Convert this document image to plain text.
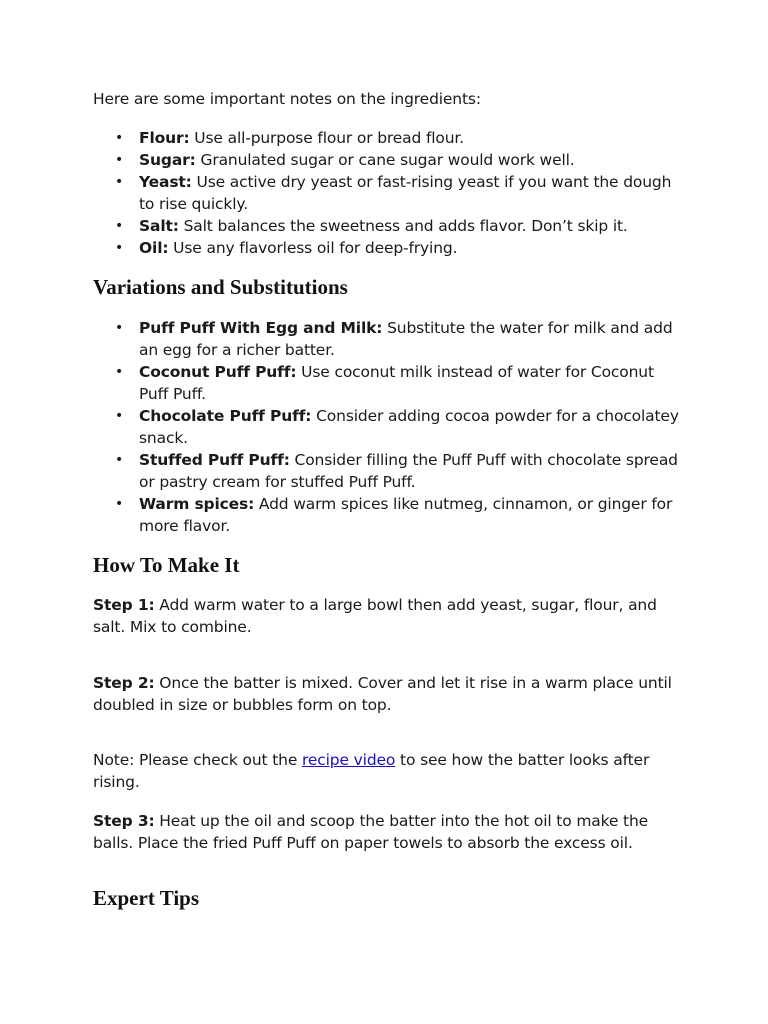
Here are some important notes on the ingredients:

• Flour: Use all-purpose flour or bread flour.
• Sugar: Granulated sugar or cane sugar would work well.
• Yeast: Use active dry yeast or fast-rising yeast if you want the dough to rise quickly.
• Salt: Salt balances the sweetness and adds flavor. Don’t skip it.
• Oil: Use any flavorless oil for deep-frying.
Variations and Substitutions
• Puff Puff With Egg and Milk: Substitute the water for milk and add an egg for a richer batter.
• Coconut Puff Puff: Use coconut milk instead of water for Coconut Puff Puff.
• Chocolate Puff Puff: Consider adding cocoa powder for a chocolatey snack.
• Stuffed Puff Puff: Consider filling the Puff Puff with chocolate spread or pastry cream for stuffed Puff Puff.
• Warm spices: Add warm spices like nutmeg, cinnamon, or ginger for more flavor.
How To Make It

Step 1: Add warm water to a large bowl then add yeast, sugar, flour, and salt. Mix to combine.

Step 2: Once the batter is mixed. Cover and let it rise in a warm place until doubled in size or bubbles form on top.

Note: Please check out the recipe video to see how the batter looks after rising.

Step 3: Heat up the oil and scoop the batter into the hot oil to make the balls. Place the fried Puff Puff on paper towels to absorb the excess oil.

Expert Tips
